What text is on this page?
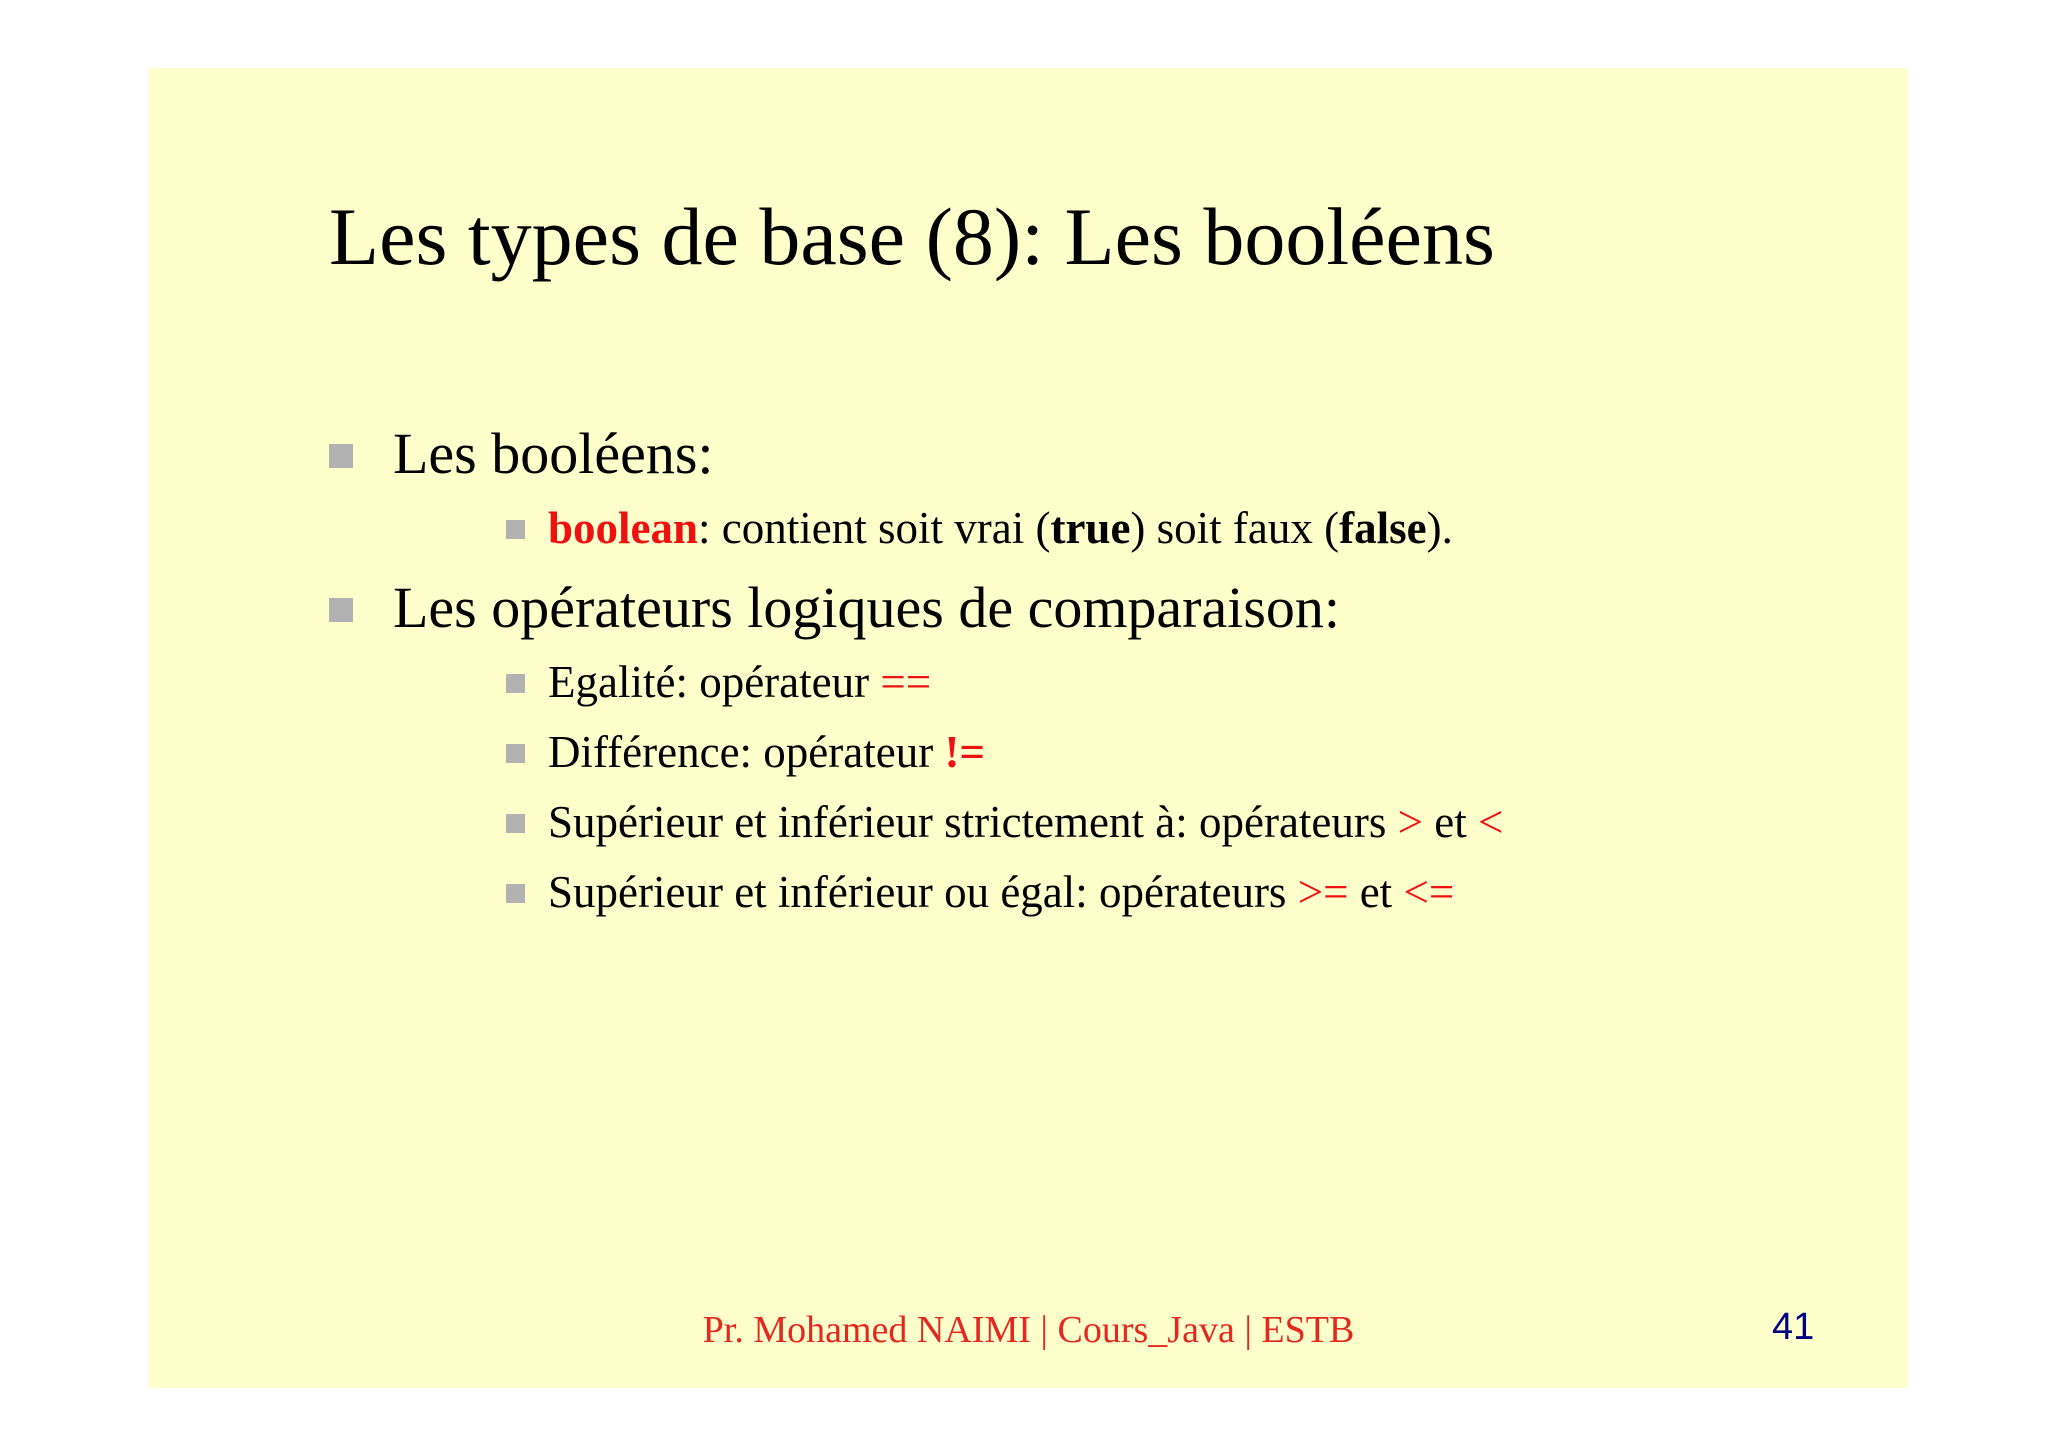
Les types de base (8): Les booléens
Les booléens:
boolean: contient soit vrai (true) soit faux (false).
Les opérateurs logiques de comparaison:
Egalité: opérateur ==
Différence: opérateur !=
Supérieur et inférieur strictement à: opérateurs > et <
Supérieur et inférieur ou égal: opérateurs >= et <=
Pr. Mohamed NAIMI | Cours_Java | ESTB	41
